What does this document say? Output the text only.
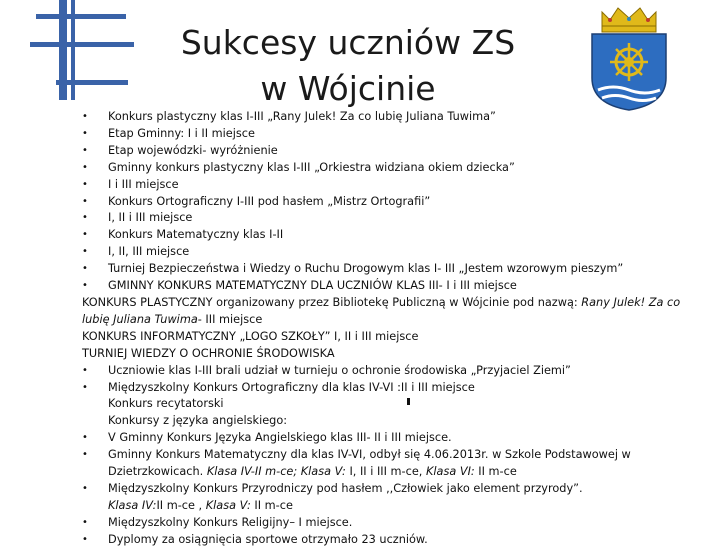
Sukcesy uczniów ZS
w Wójcinie
• Konkurs plastyczny klas I-III „Rany Julek! Za co lubię Juliana Tuwima”
• Etap Gminny: I i II miejsce
• Etap wojewódzki- wyróżnienie
• Gminny konkurs plastyczny klas I-III „Orkiestra widziana okiem dziecka”
• I i III miejsce
• Konkurs Ortograficzny I-III pod hasłem „Mistrz Ortografii”
• I, II i III miejsce
• Konkurs Matematyczny klas I-II
• I, II, III miejsce
• Turniej Bezpieczeństwa i Wiedzy o Ruchu Drogowym klas I- III „Jestem wzorowym pieszym”
• GMINNY KONKURS MATEMATYCZNY DLA UCZNIÓW KLAS III- I i III miejsce
KONKURS PLASTYCZNY organizowany przez Bibliotekę Publiczną w Wójcinie pod nazwą: Rany Julek! Za co lubię Juliana Tuwima- III miejsce
KONKURS INFORMATYCZNY „LOGO SZKOŁY” I, II i III miejsce
TURNIEJ WIEDZY O OCHRONIE ŚRODOWISKA
• Uczniowie klas I-III brali udział w turnieju o ochronie środowiska „Przyjaciel Ziemi”
• Międzyszkolny Konkurs Ortograficzny dla klas IV-VI :II i III miejsce
Konkurs recytatorski
Konkursy z języka angielskiego:
• V Gminny Konkurs Języka Angielskiego klas III- II i III miejsce.
• Gminny Konkurs Matematyczny dla klas IV-VI, odbył się 4.06.2013r. w Szkole Podstawowej w
Dzietrzkowicach. Klasa IV-II m-ce; Klasa V: I, II i III m-ce, Klasa VI: II m-ce
• Międzyszkolny Konkurs Przyrodniczy pod hasłem ,,Człowiek jako element przyrody”.
Klasa IV:II m-ce , Klasa V: II m-ce
• Międzyszkolny Konkurs Religijny– I miejsce.
• Dyplomy za osiągnięcia sportowe otrzymało 23 uczniów.
